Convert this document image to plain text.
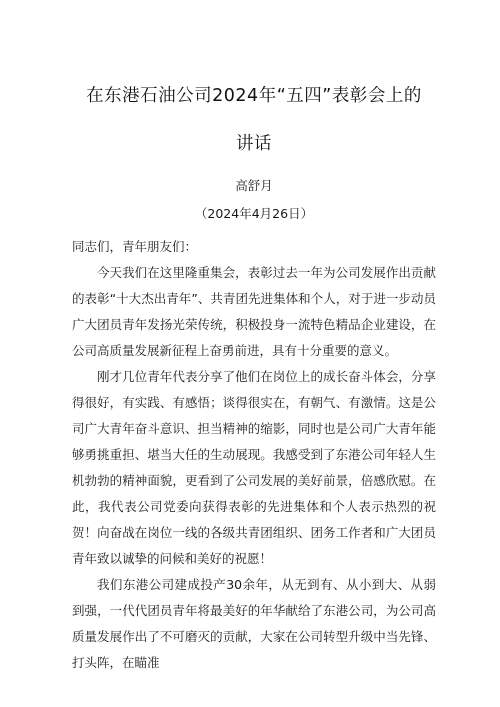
在东港石油公司2024年“五四”表彰会上的
讲话
高舒月
（2024年4月26日）

同志们，青年朋友们：

今天我们在这里隆重集会，表彰过去一年为公司发展作出贡献的表彰“十大杰出青年”、共青团先进集体和个人，对于进一步动员广大团员青年发扬光荣传统，积极投身一流特色精品企业建设，在公司高质量发展新征程上奋勇前进，具有十分重要的意义。

刚才几位青年代表分享了他们在岗位上的成长奋斗体会，分享得很好，有实践、有感悟；谈得很实在，有朝气、有激情。这是公司广大青年奋斗意识、担当精神的缩影，同时也是公司广大青年能够勇挑重担、堪当大任的生动展现。我感受到了东港公司年轻人生机勃勃的精神面貌，更看到了公司发展的美好前景，倍感欣慰。在此，我代表公司党委向获得表彰的先进集体和个人表示热烈的祝贺！向奋战在岗位一线的各级共青团组织、团务工作者和广大团员青年致以诚挚的问候和美好的祝愿！

我们东港公司建成投产30余年，从无到有、从小到大、从弱到强，一代代团员青年将最美好的年华献给了东港公司，为公司高质量发展作出了不可磨灭的贡献，大家在公司转型升级中当先锋、打头阵，在瞄准
